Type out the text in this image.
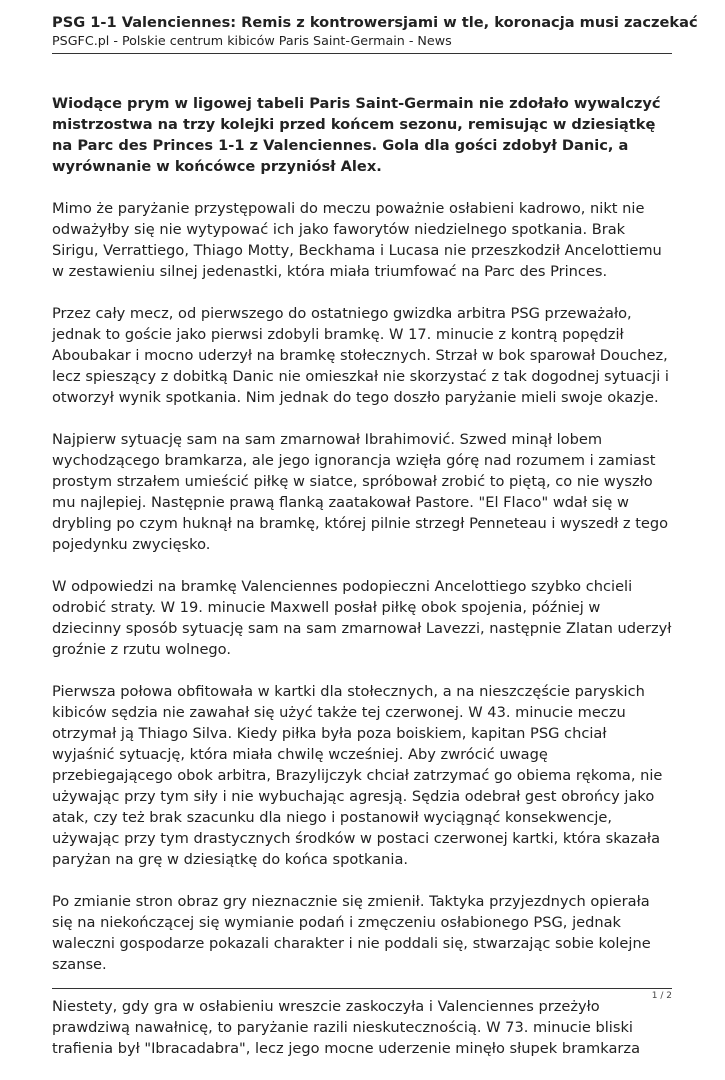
PSG 1-1 Valenciennes: Remis z kontrowersjami w tle, koronacja musi zaczekać
PSGFC.pl - Polskie centrum kibiców Paris Saint-Germain - News

Wiodące prym w ligowej tabeli Paris Saint-Germain nie zdołało wywalczyć
mistrzostwa na trzy kolejki przed końcem sezonu, remisując w dziesiątkę
na Parc des Princes 1-1 z Valenciennes. Gola dla gości zdobył Danic, a
wyrównanie w końcówce przyniósł Alex.

Mimo że paryżanie przystępowali do meczu poważnie osłabieni kadrowo, nikt nie
odważyłby się nie wytypować ich jako faworytów niedzielnego spotkania. Brak
Sirigu, Verrattiego, Thiago Motty, Beckhama i Lucasa nie przeszkodził Ancelottiemu
w zestawieniu silnej jedenastki, która miała triumfować na Parc des Princes.

Przez cały mecz, od pierwszego do ostatniego gwizdka arbitra PSG przeważało,
jednak to goście jako pierwsi zdobyli bramkę. W 17. minucie z kontrą popędził
Aboubakar i mocno uderzył na bramkę stołecznych. Strzał w bok sparował Douchez,
lecz spieszący z dobitką Danic nie omieszkał nie skorzystać z tak dogodnej sytuacji i
otworzył wynik spotkania. Nim jednak do tego doszło paryżanie mieli swoje okazje.

Najpierw sytuację sam na sam zmarnował Ibrahimović. Szwed minął lobem
wychodzącego bramkarza, ale jego ignorancja wzięła górę nad rozumem i zamiast
prostym strzałem umieścić piłkę w siatce, spróbował zrobić to piętą, co nie wyszło
mu najlepiej. Następnie prawą flanką zaatakował Pastore. "El Flaco" wdał się w
drybling po czym huknął na bramkę, której pilnie strzegł Penneteau i wyszedł z tego
pojedynku zwycięsko.

W odpowiedzi na bramkę Valenciennes podopieczni Ancelottiego szybko chcieli
odrobić straty. W 19. minucie Maxwell posłał piłkę obok spojenia, później w
dziecinny sposób sytuację sam na sam zmarnował Lavezzi, następnie Zlatan uderzył
groźnie z rzutu wolnego.

Pierwsza połowa obfitowała w kartki dla stołecznych, a na nieszczęście paryskich
kibiców sędzia nie zawahał się użyć także tej czerwonej. W 43. minucie meczu
otrzymał ją Thiago Silva. Kiedy piłka była poza boiskiem, kapitan PSG chciał
wyjaśnić sytuację, która miała chwilę wcześniej. Aby zwrócić uwagę
przebiegającego obok arbitra, Brazylijczyk chciał zatrzymać go obiema rękoma, nie
używając przy tym siły i nie wybuchając agresją. Sędzia odebrał gest obrońcy jako
atak, czy też brak szacunku dla niego i postanowił wyciągnąć konsekwencje,
używając przy tym drastycznych środków w postaci czerwonej kartki, która skazała
paryżan na grę w dziesiątkę do końca spotkania.

Po zmianie stron obraz gry nieznacznie się zmienił. Taktyka przyjezdnych opierała
się na niekończącej się wymianie podań i zmęczeniu osłabionego PSG, jednak
waleczni gospodarze pokazali charakter i nie poddali się, stwarzając sobie kolejne
szanse.

Niestety, gdy gra w osłabieniu wreszcie zaskoczyła i Valenciennes przeżyło
prawdziwą nawałnicę, to paryżanie razili nieskutecznością. W 73. minucie bliski
trafienia był "Ibracadabra", lecz jego mocne uderzenie minęło słupek bramkarza

1 / 2
